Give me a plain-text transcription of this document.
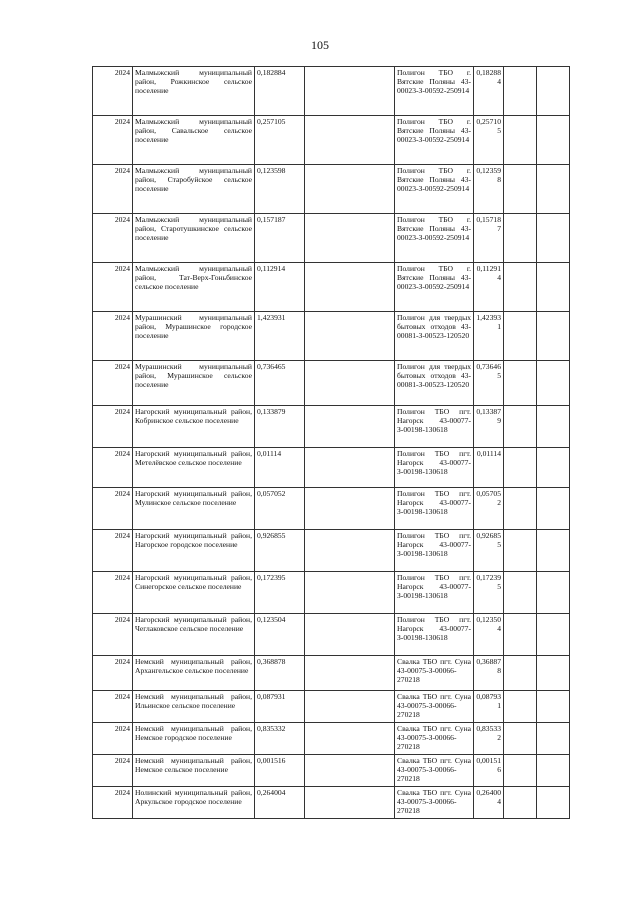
105
2024	Малмыжский муниципальный район, Рожкинское сельское поселение	0,182884		Полигон ТБО г. Вятские Поляны 43-00023-З-00592-250914	0,182884		
2024	Малмыжский муниципальный район, Савальское сельское поселение	0,257105		Полигон ТБО г. Вятские Поляны 43-00023-З-00592-250914	0,257105		
2024	Малмыжский муниципальный район, Старобуйское сельское поселение	0,123598		Полигон ТБО г. Вятские Поляны 43-00023-З-00592-250914	0,123598		
2024	Малмыжский муниципальный район, Старотушкинское сельское поселение	0,157187		Полигон ТБО г. Вятские Поляны 43-00023-З-00592-250914	0,157187		
2024	Малмыжский муниципальный район, Тат-Верх-Гоньбинское сельское поселение	0,112914		Полигон ТБО г. Вятские Поляны 43-00023-З-00592-250914	0,112914		
2024	Мурашинский муниципальный район, Мурашинское городское поселение	1,423931		Полигон для твердых бытовых отходов 43-00081-З-00523-120520	1,423931		
2024	Мурашинский муниципальный район, Мурашинское сельское поселение	0,736465		Полигон для твердых бытовых отходов 43-00081-З-00523-120520	0,736465		
2024	Нагорский муниципальный район, Кобринское сельское поселение	0,133879		Полигон ТБО пгт. Нагорск 43-00077-З-00198-130618	0,133879		
2024	Нагорский муниципальный район, Метелёвское сельское поселение	0,01114		Полигон ТБО пгт. Нагорск 43-00077-З-00198-130618	0,01114		
2024	Нагорский муниципальный район, Мулинское сельское поселение	0,057052		Полигон ТБО пгт. Нагорск 43-00077-З-00198-130618	0,057052		
2024	Нагорский муниципальный район, Нагорское городское поселение	0,926855		Полигон ТБО пгт. Нагорск 43-00077-З-00198-130618	0,926855		
2024	Нагорский муниципальный район, Синегорское сельское поселение	0,172395		Полигон ТБО пгт. Нагорск 43-00077-З-00198-130618	0,172395		
2024	Нагорский муниципальный район, Чеглаковское сельское поселение	0,123504		Полигон ТБО пгт. Нагорск 43-00077-З-00198-130618	0,123504		
2024	Немский муниципальный район, Архангельское сельское поселение	0,368878		Свалка ТБО пгт. Суна 43-00075-З-00066-270218	0,368878		
2024	Немский муниципальный район, Ильинское сельское поселение	0,087931		Свалка ТБО пгт. Суна 43-00075-З-00066-270218	0,087931		
2024	Немский муниципальный район, Немское городское поселение	0,835332		Свалка ТБО пгт. Суна 43-00075-З-00066-270218	0,835332		
2024	Немский муниципальный район, Немское сельское поселение	0,001516		Свалка ТБО пгт. Суна 43-00075-З-00066-270218	0,001516		
2024	Нолинский муниципальный район, Аркульское городское поселение	0,264004		Свалка ТБО пгт. Суна 43-00075-З-00066-270218	0,264004		
